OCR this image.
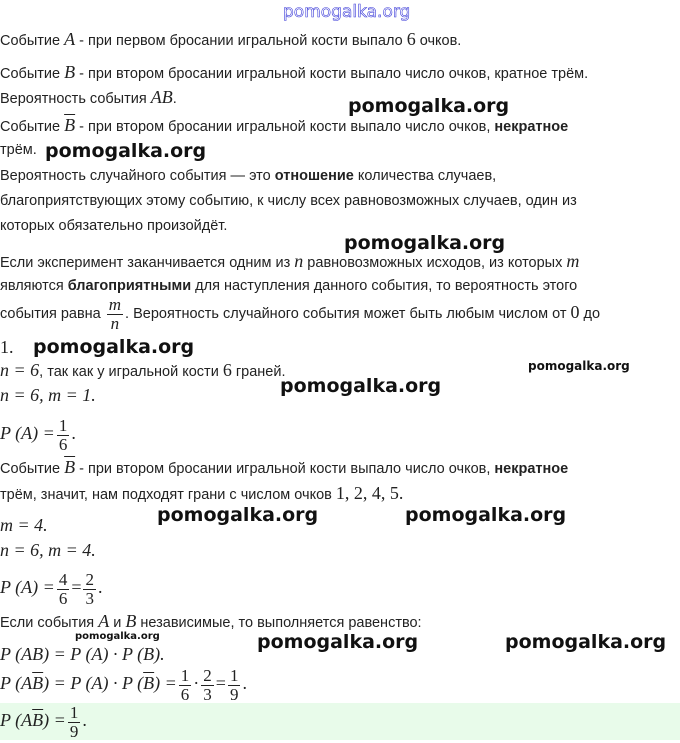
pomogalka.org
pomogalka.org
pomogalka.org
pomogalka.org
pomogalka.org
pomogalka.org
pomogalka.org
pomogalka.org	pomogalka.org
pomogalka.org	pomogalka.org	pomogalka.org
Событие A - при первом бросании игральной кости выпало 6 очков.
Событие B - при втором бросании игральной кости выпало число очков, кратное трём.
Вероятность события AB.
Событие $\overline{B}$ - при втором бросании игральной кости выпало число очков, некратное
трём.
Вероятность случайного события — это отношение количества случаев,
благоприятствующих этому событию, к числу всех равновозможных случаев, один из
которых обязательно произойдёт.
Если эксперимент заканчивается одним из n равновозможных исходов, из которых m
являются благоприятными для наступления данного события, то вероятность этого
события равна $\frac{m}{n}$ . Вероятность случайного события может быть любым числом от 0 до
1.
n = 6, так как у игральной кости 6 граней.
n = 6, m = 1.
P $(A) = \frac{1}{6}$ .
Событие $\overline{B}$ - при втором бросании игральной кости выпало число очков, некратное
трём, значит, нам подходят грани с числом очков 1, 2, 4, 5.
m = 4.
n = 6, m = 4.
P $(A) = \frac{4}{6} = \frac{2}{3}$ .
Если события A и B независимые, то выполняется равенство:
P (AB) = P (A) · P (B).
P $(A\overline{B}) = P$ (A) · P $(\overline{B}) = \frac{1}{6} \cdot \frac{2}{3} = \frac{1}{9}$ .
P $(A\overline{B}) = \frac{1}{9}$ .
